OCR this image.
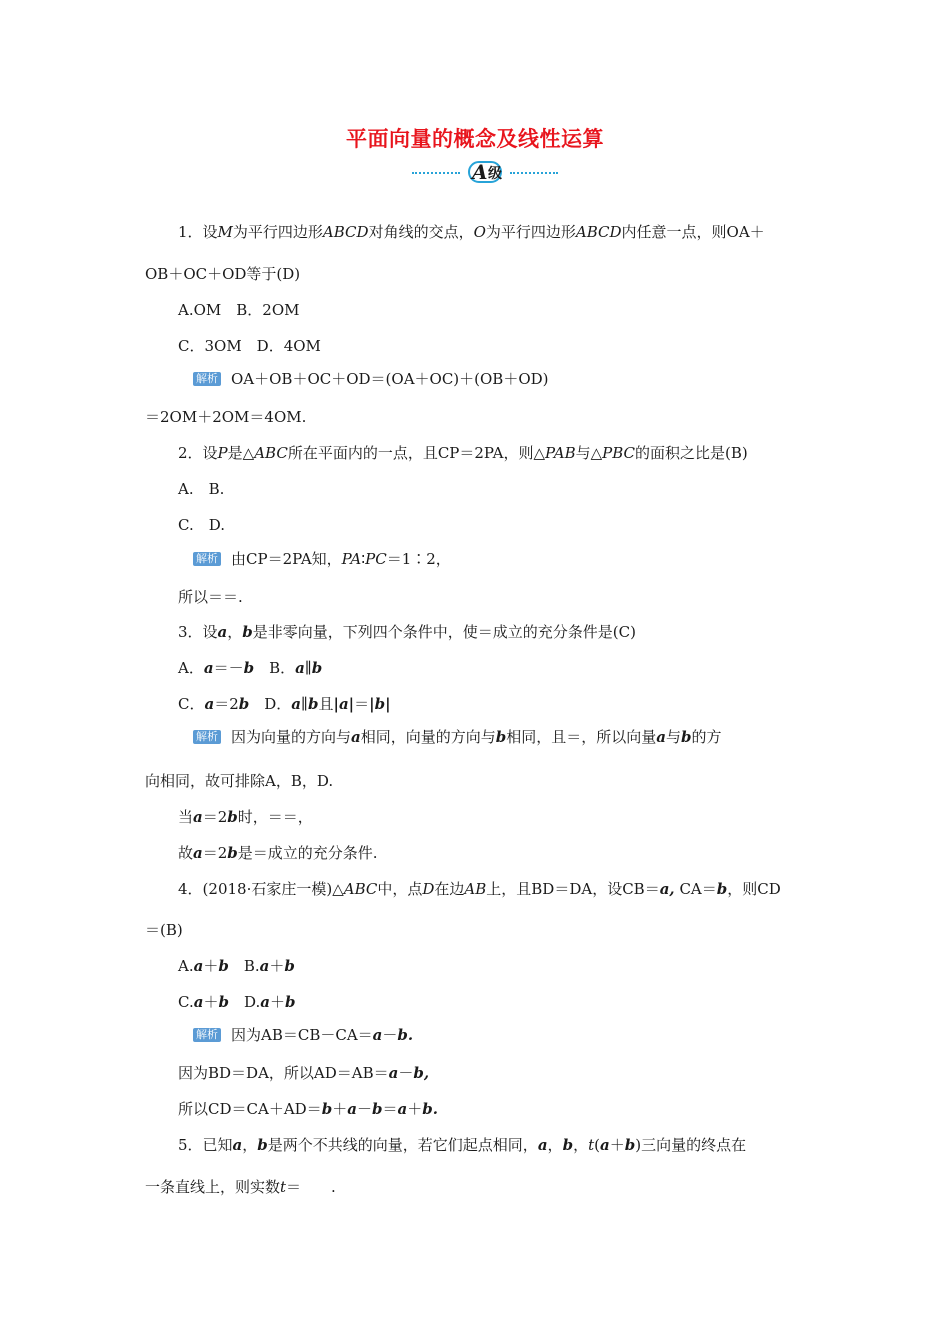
平面向量的概念及线性运算
A 级
1．设M为平行四边形ABCD对角线的交点，O为平行四边形ABCD内任意一点，则OA＋
OB＋OC＋OD等于(D)
A.OM　B．2OM
C．3OM　D．4OM
解析 OA＋OB＋OC＋OD＝(OA＋OC)＋(OB＋OD)
＝2OM＋2OM＝4OM.
2．设P是△ABC所在平面内的一点，且CP＝2PA，则△PAB与△PBC的面积之比是(B)
A.　B.
C.　D.
解析 由CP＝2PA知，PA∶PC＝1∶2，
所以＝＝.
3．设a，b是非零向量，下列四个条件中，使＝成立的充分条件是(C)
A．a＝－b　B．a∥b
C．a＝2b　D．a∥b且|a|＝|b|
解析 因为向量的方向与a相同，向量的方向与b相同，且＝，所以向量a与b的方
向相同，故可排除A，B，D.
当a＝2b时，＝＝，
故a＝2b是＝成立的充分条件.
4．(2018·石家庄一模)△ABC中，点D在边AB上，且BD＝DA，设CB＝a, CA＝b，则CD
＝(B)
A.a＋b　B.a＋b
C.a＋b　D.a＋b
解析 因为AB＝CB－CA＝a－b.
因为BD＝DA，所以AD＝AB＝a－b,
所以CD＝CA＋AD＝b＋a－b＝a＋b.
5．已知a，b是两个不共线的向量，若它们起点相同，a，b，t(a＋b)三向量的终点在
一条直线上，则实数t＝　　.
